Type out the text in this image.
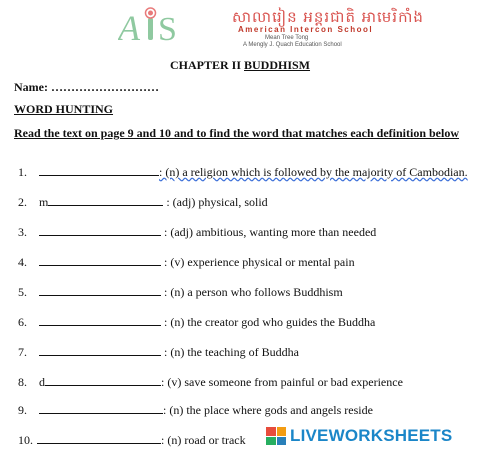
A S	សាលារៀន អន្តរជាតិ អាមេរិកាំង
American Intercon School
Mean Tree Tong
A Mengly J. Quach Education School
CHAPTER II BUDDHISM
Name: ………………………
WORD HUNTING
Read the text on page 9 and 10 and to find the word that matches each definition below
1.	: (n) a religion which is followed by the majority of Cambodian.
2. m	: (adj) physical, solid
3.	: (adj) ambitious, wanting more than needed
4.	: (v) experience physical or mental pain
5.	: (n) a person who follows Buddhism
6.	: (n) the creator god who guides the Buddha
7.	: (n) the teaching of Buddha
8. d	: (v) save someone from painful or bad experience
9.	: (n) the place where gods and angels reside
10.	: (n) road or track	LIVEWORKSHEETS
